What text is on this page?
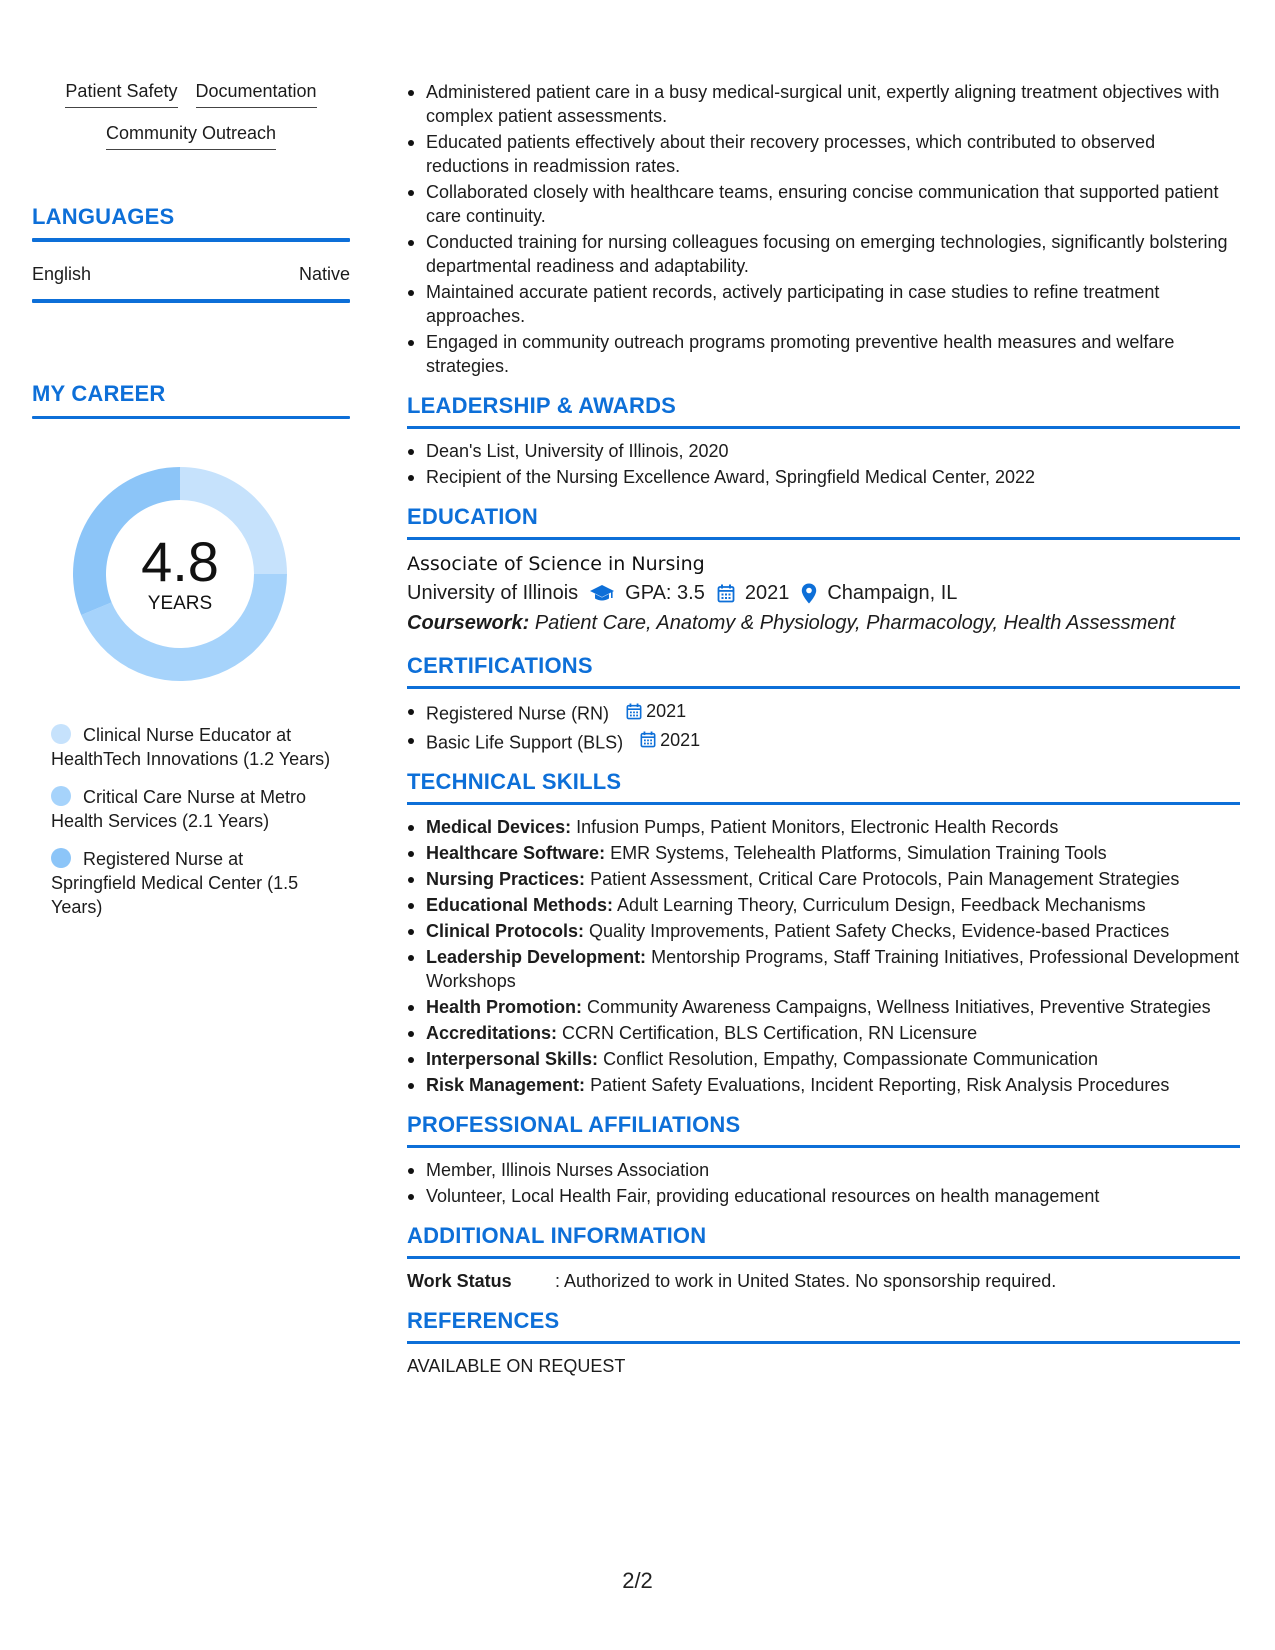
Patient Safety Documentation
Community Outreach
LANGUAGES
English	Native
MY CAREER
4.8
YEARS
Clinical Nurse Educator at HealthTech Innovations (1.2 Years)
Critical Care Nurse at Metro Health Services (2.1 Years)
Registered Nurse at Springfield Medical Center (1.5 Years)
Administered patient care in a busy medical-surgical unit, expertly aligning treatment objectives with complex patient assessments.
Educated patients effectively about their recovery processes, which contributed to observed reductions in readmission rates.
Collaborated closely with healthcare teams, ensuring concise communication that supported patient care continuity.
Conducted training for nursing colleagues focusing on emerging technologies, significantly bolstering departmental readiness and adaptability.
Maintained accurate patient records, actively participating in case studies to refine treatment approaches.
Engaged in community outreach programs promoting preventive health measures and welfare strategies.
LEADERSHIP & AWARDS
Dean's List, University of Illinois, 2020
Recipient of the Nursing Excellence Award, Springfield Medical Center, 2022
EDUCATION
Associate of Science in Nursing
University of Illinois GPA: 3.5 2021 Champaign, IL
Coursework: Patient Care, Anatomy & Physiology, Pharmacology, Health Assessment
CERTIFICATIONS
Registered Nurse (RN) 2021
Basic Life Support (BLS) 2021
TECHNICAL SKILLS
Medical Devices: Infusion Pumps, Patient Monitors, Electronic Health Records
Healthcare Software: EMR Systems, Telehealth Platforms, Simulation Training Tools
Nursing Practices: Patient Assessment, Critical Care Protocols, Pain Management Strategies
Educational Methods: Adult Learning Theory, Curriculum Design, Feedback Mechanisms
Clinical Protocols: Quality Improvements, Patient Safety Checks, Evidence-based Practices
Leadership Development: Mentorship Programs, Staff Training Initiatives, Professional Development Workshops
Health Promotion: Community Awareness Campaigns, Wellness Initiatives, Preventive Strategies
Accreditations: CCRN Certification, BLS Certification, RN Licensure
Interpersonal Skills: Conflict Resolution, Empathy, Compassionate Communication
Risk Management: Patient Safety Evaluations, Incident Reporting, Risk Analysis Procedures
PROFESSIONAL AFFILIATIONS
Member, Illinois Nurses Association
Volunteer, Local Health Fair, providing educational resources on health management
ADDITIONAL INFORMATION
Work Status	: Authorized to work in United States. No sponsorship required.
REFERENCES
AVAILABLE ON REQUEST
2/2
